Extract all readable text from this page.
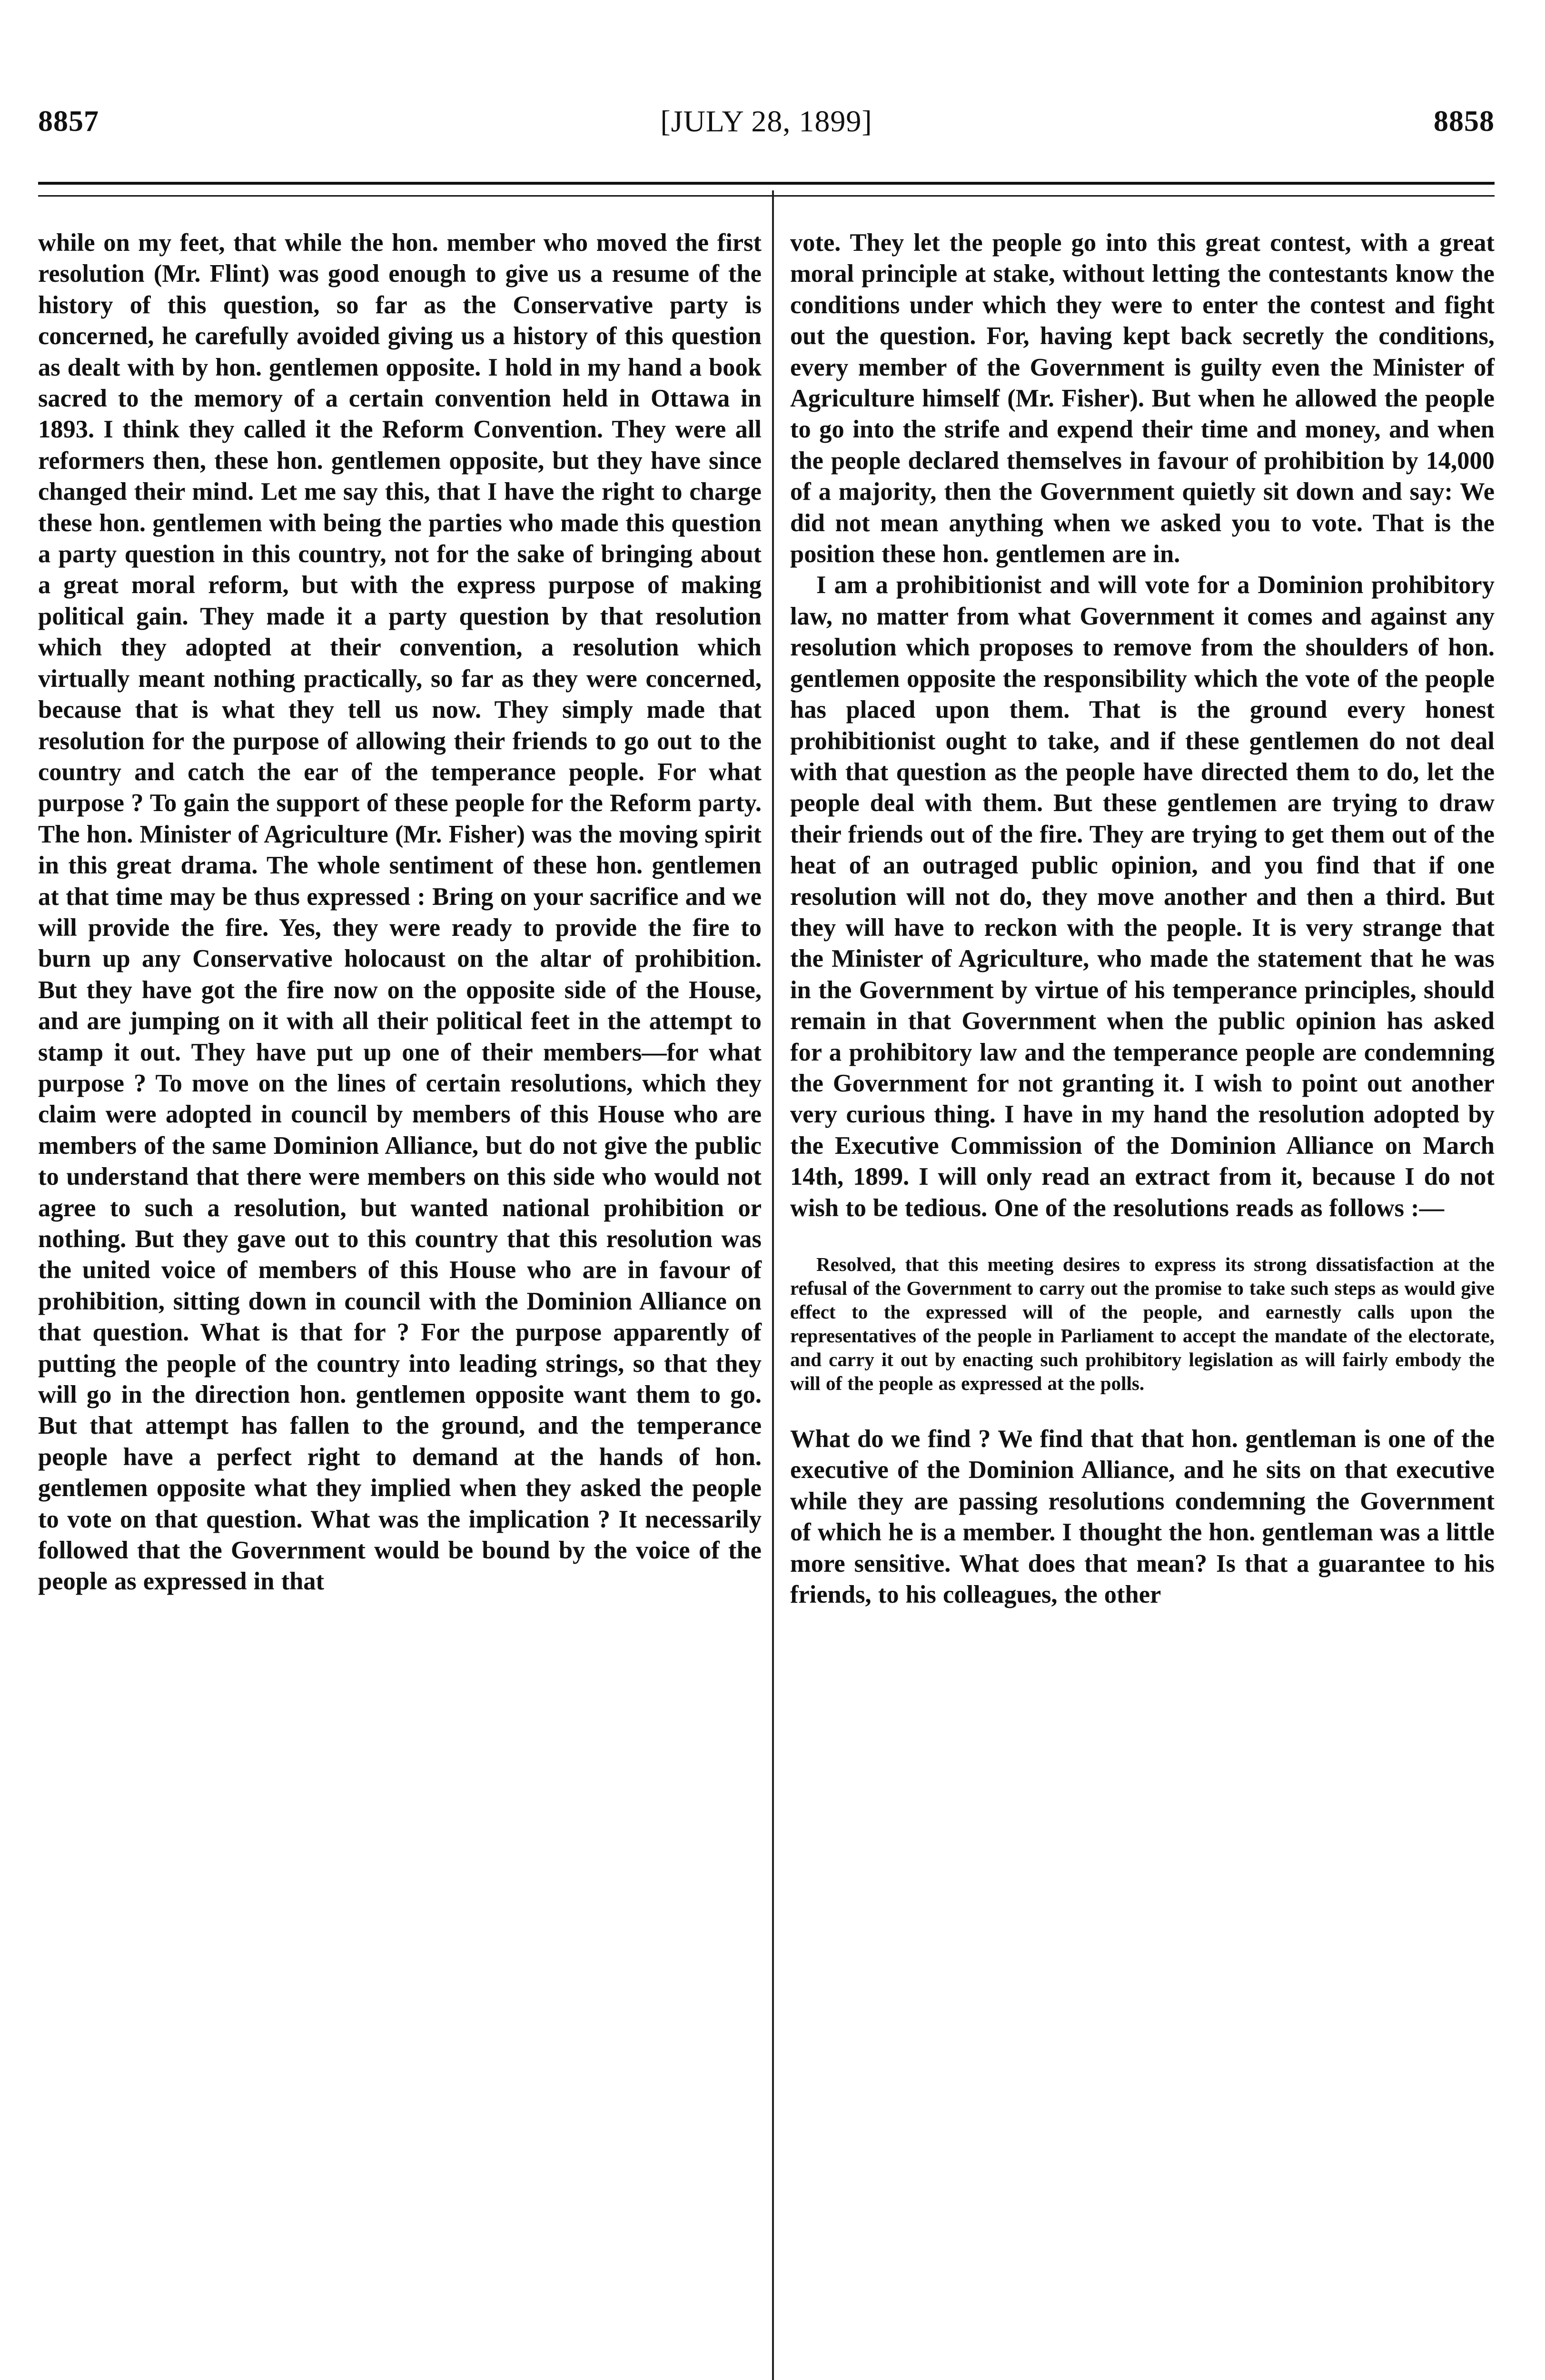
8857	[JULY 28, 1899]	8858

while on my feet, that while the hon. member who moved the first resolution (Mr. Flint) was good enough to give us a resume of the history of this question, so far as the Conservative party is concerned, he carefully avoided giving us a history of this question as dealt with by hon. gentlemen opposite. I hold in my hand a book sacred to the memory of a certain convention held in Ottawa in 1893. I think they called it the Reform Convention. They were all reformers then, these hon. gentlemen opposite, but they have since changed their mind. Let me say this, that I have the right to charge these hon. gentlemen with being the parties who made this question a party question in this country, not for the sake of bringing about a great moral reform, but with the express purpose of making political gain. They made it a party question by that resolution which they adopted at their convention, a resolution which virtually meant nothing practically, so far as they were concerned, because that is what they tell us now. They simply made that resolution for the purpose of allowing their friends to go out to the country and catch the ear of the temperance people. For what purpose ? To gain the support of these people for the Reform party. The hon. Minister of Agriculture (Mr. Fisher) was the moving spirit in this great drama. The whole sentiment of these hon. gentlemen at that time may be thus expressed : Bring on your sacrifice and we will provide the fire. Yes, they were ready to provide the fire to burn up any Conservative holocaust on the altar of prohibition. But they have got the fire now on the opposite side of the House, and are jumping on it with all their political feet in the attempt to stamp it out. They have put up one of their members—for what purpose ? To move on the lines of certain resolutions, which they claim were adopted in council by members of this House who are members of the same Dominion Alliance, but do not give the public to understand that there were members on this side who would not agree to such a resolution, but wanted national prohibition or nothing. But they gave out to this country that this resolution was the united voice of members of this House who are in favour of prohibition, sitting down in council with the Dominion Alliance on that question. What is that for ? For the purpose apparently of putting the people of the country into leading strings, so that they will go in the direction hon. gentlemen opposite want them to go. But that attempt has fallen to the ground, and the temperance people have a perfect right to demand at the hands of hon. gentlemen opposite what they implied when they asked the people to vote on that question. What was the implication ? It necessarily followed that the Government would be bound by the voice of the people as expressed in that

vote. They let the people go into this great contest, with a great moral principle at stake, without letting the contestants know the conditions under which they were to enter the contest and fight out the question. For, having kept back secretly the conditions, every member of the Government is guilty even the Minister of Agriculture himself (Mr. Fisher). But when he allowed the people to go into the strife and expend their time and money, and when the people declared themselves in favour of prohibition by 14,000 of a majority, then the Government quietly sit down and say: We did not mean anything when we asked you to vote. That is the position these hon. gentlemen are in.

I am a prohibitionist and will vote for a Dominion prohibitory law, no matter from what Government it comes and against any resolution which proposes to remove from the shoulders of hon. gentlemen opposite the responsibility which the vote of the people has placed upon them. That is the ground every honest prohibitionist ought to take, and if these gentlemen do not deal with that question as the people have directed them to do, let the people deal with them. But these gentlemen are trying to draw their friends out of the fire. They are trying to get them out of the heat of an outraged public opinion, and you find that if one resolution will not do, they move another and then a third. But they will have to reckon with the people. It is very strange that the Minister of Agriculture, who made the statement that he was in the Government by virtue of his temperance principles, should remain in that Government when the public opinion has asked for a prohibitory law and the temperance people are condemning the Government for not granting it. I wish to point out another very curious thing. I have in my hand the resolution adopted by the Executive Commission of the Dominion Alliance on March 14th, 1899. I will only read an extract from it, because I do not wish to be tedious. One of the resolutions reads as follows :—

Resolved, that this meeting desires to express its strong dissatisfaction at the refusal of the Government to carry out the promise to take such steps as would give effect to the expressed will of the people, and earnestly calls upon the representatives of the people in Parliament to accept the mandate of the electorate, and carry it out by enacting such prohibitory legislation as will fairly embody the will of the people as expressed at the polls.

What do we find ? We find that that hon. gentleman is one of the executive of the Dominion Alliance, and he sits on that executive while they are passing resolutions condemning the Government of which he is a member. I thought the hon. gentleman was a little more sensitive. What does that mean? Is that a guarantee to his friends, to his colleagues, the other
